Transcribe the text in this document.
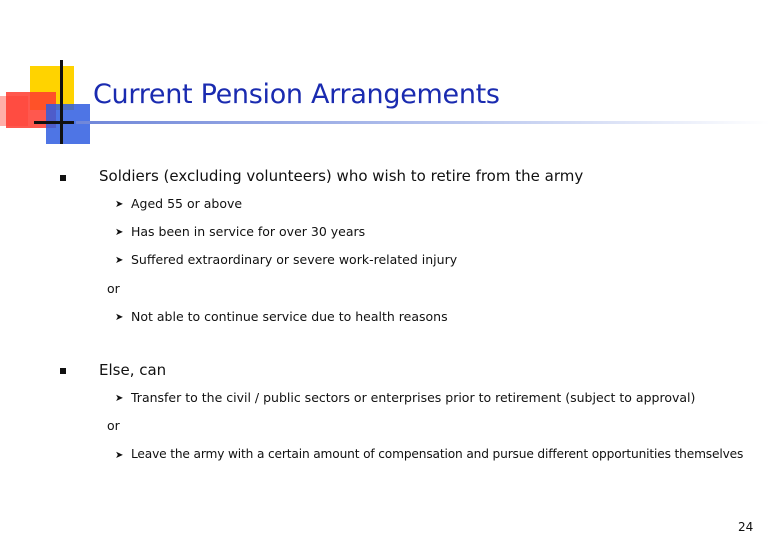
Current Pension Arrangements
Soldiers (excluding volunteers) who wish to retire from the army
➤ Aged 55 or above
➤ Has been in service for over 30 years
➤ Suffered extraordinary or severe work-related injury
or
➤ Not able to continue service due to health reasons
Else, can
➤ Transfer to the civil / public sectors or enterprises prior to retirement (subject to approval)
or
➤ Leave the army with a certain amount of compensation and pursue different opportunities themselves
24
